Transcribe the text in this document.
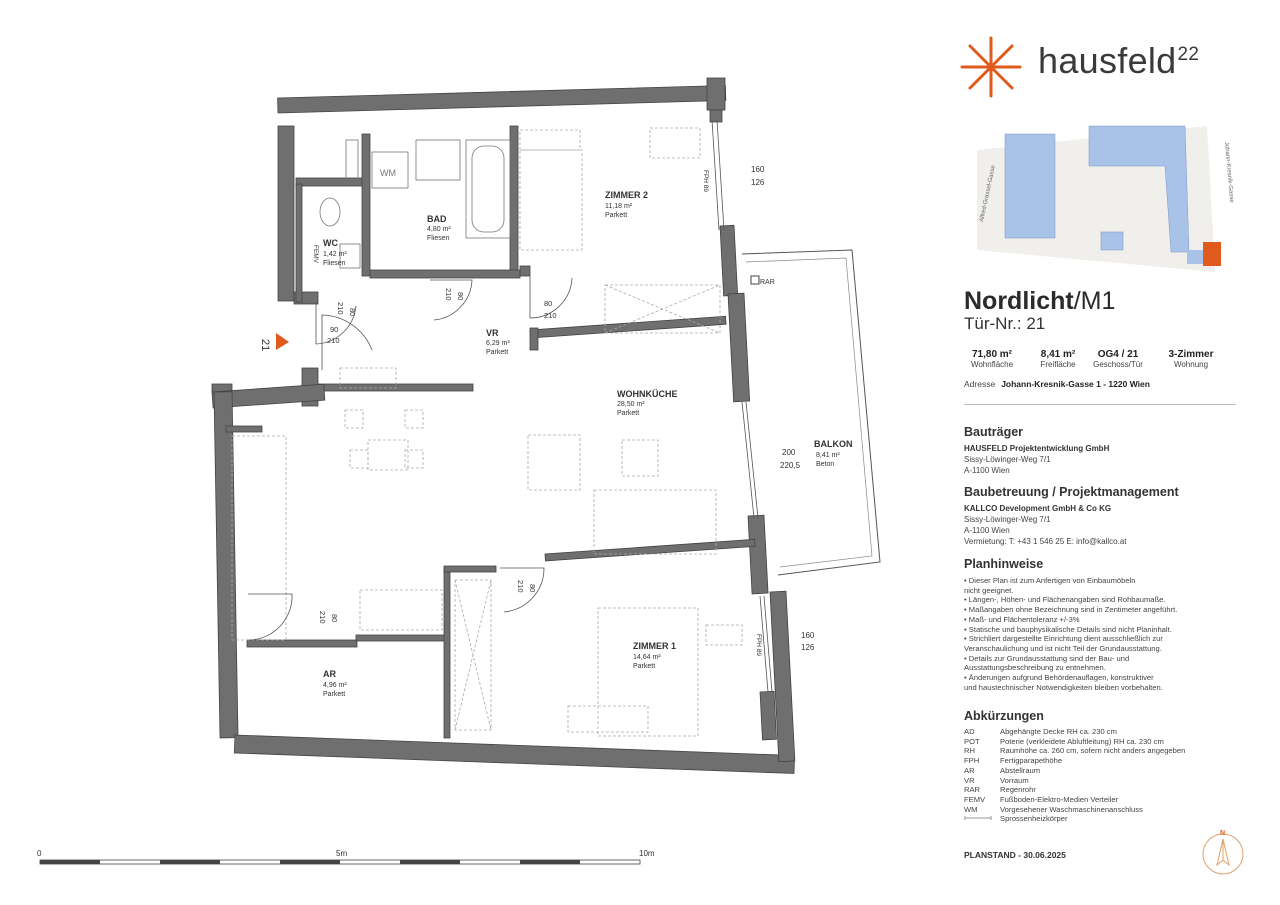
21
ZIMMER 2
11,18 m²
Parkett
BAD
4,80 m²
Fliesen
WC
1,42 m²
Fliesen
VR
6,29 m²
Parkett
WOHNKÜCHE
28,50 m²
Parkett
BALKON
8,41 m²
Beton
ZIMMER 1
14,64 m²
Parkett
AR
4,96 m²
Parkett
WM
FEMV
RAR
FPH 89
FPH 89
160
126
160
126
200
220,5
80
210
90
210
80
210
80
210
80
210
80
210
0	5m	10m
hausfeld$^{22}$
Alfred-Grassel-Gasse	Johann-Kresnik-Gasse
Nordlicht/M1
Tür-Nr.: 21
71,80 m²
Wohnfläche
8,41 m²
Freifläche
OG4 / 21
Geschoss/Tür
3-Zimmer
Wohnung
Adresse Johann-Kresnik-Gasse 1 - 1220 Wien
Bauträger
HAUSFELD Projektentwicklung GmbH
Sissy-Löwinger-Weg 7/1
A-1100 Wien
Baubetreuung / Projektmanagement
KALLCO Development GmbH & Co KG
Sissy-Löwinger-Weg 7/1
A-1100 Wien
Vermietung: T: +43 1 546 25 E: info@kallco.at
Planhinweise
• Dieser Plan ist zum Anfertigen von Einbaumöbeln
nicht geeignet.
• Längen-, Höhen- und Flächenangaben sind Rohbaumaße.
• Maßangaben ohne Bezeichnung sind in Zentimeter angeführt.
• Maß- und Flächentoleranz +/-3%
• Statische und bauphysikalische Details sind nicht Planinhalt.
• Strichliert dargestellte Einrichtung dient ausschließlich zur
Veranschaulichung und ist nicht Teil der Grundausstattung.
• Details zur Grundausstattung sind der Bau- und
Ausstattungsbeschreibung zu entnehmen.
• Änderungen aufgrund Behördenauflagen, konstruktiver
und haustechnischer Notwendigkeiten bleiben vorbehalten.
Abkürzungen
AD	Abgehängte Decke RH ca. 230 cm
POT	Poterie (verkleidete Abluftleitung) RH ca. 230 cm
RH	Raumhöhe ca. 260 cm, sofern nicht anders angegeben
FPH	Fertigparapethöhe
AR	Abstellraum
VR	Vorraum
RAR	Regenrohr
FEMV	Fußboden-Elektro-Medien Verteiler
WM	Vorgesehener Waschmaschinenanschluss
Sprossenheizkörper
PLANSTAND - 30.06.2025
N
